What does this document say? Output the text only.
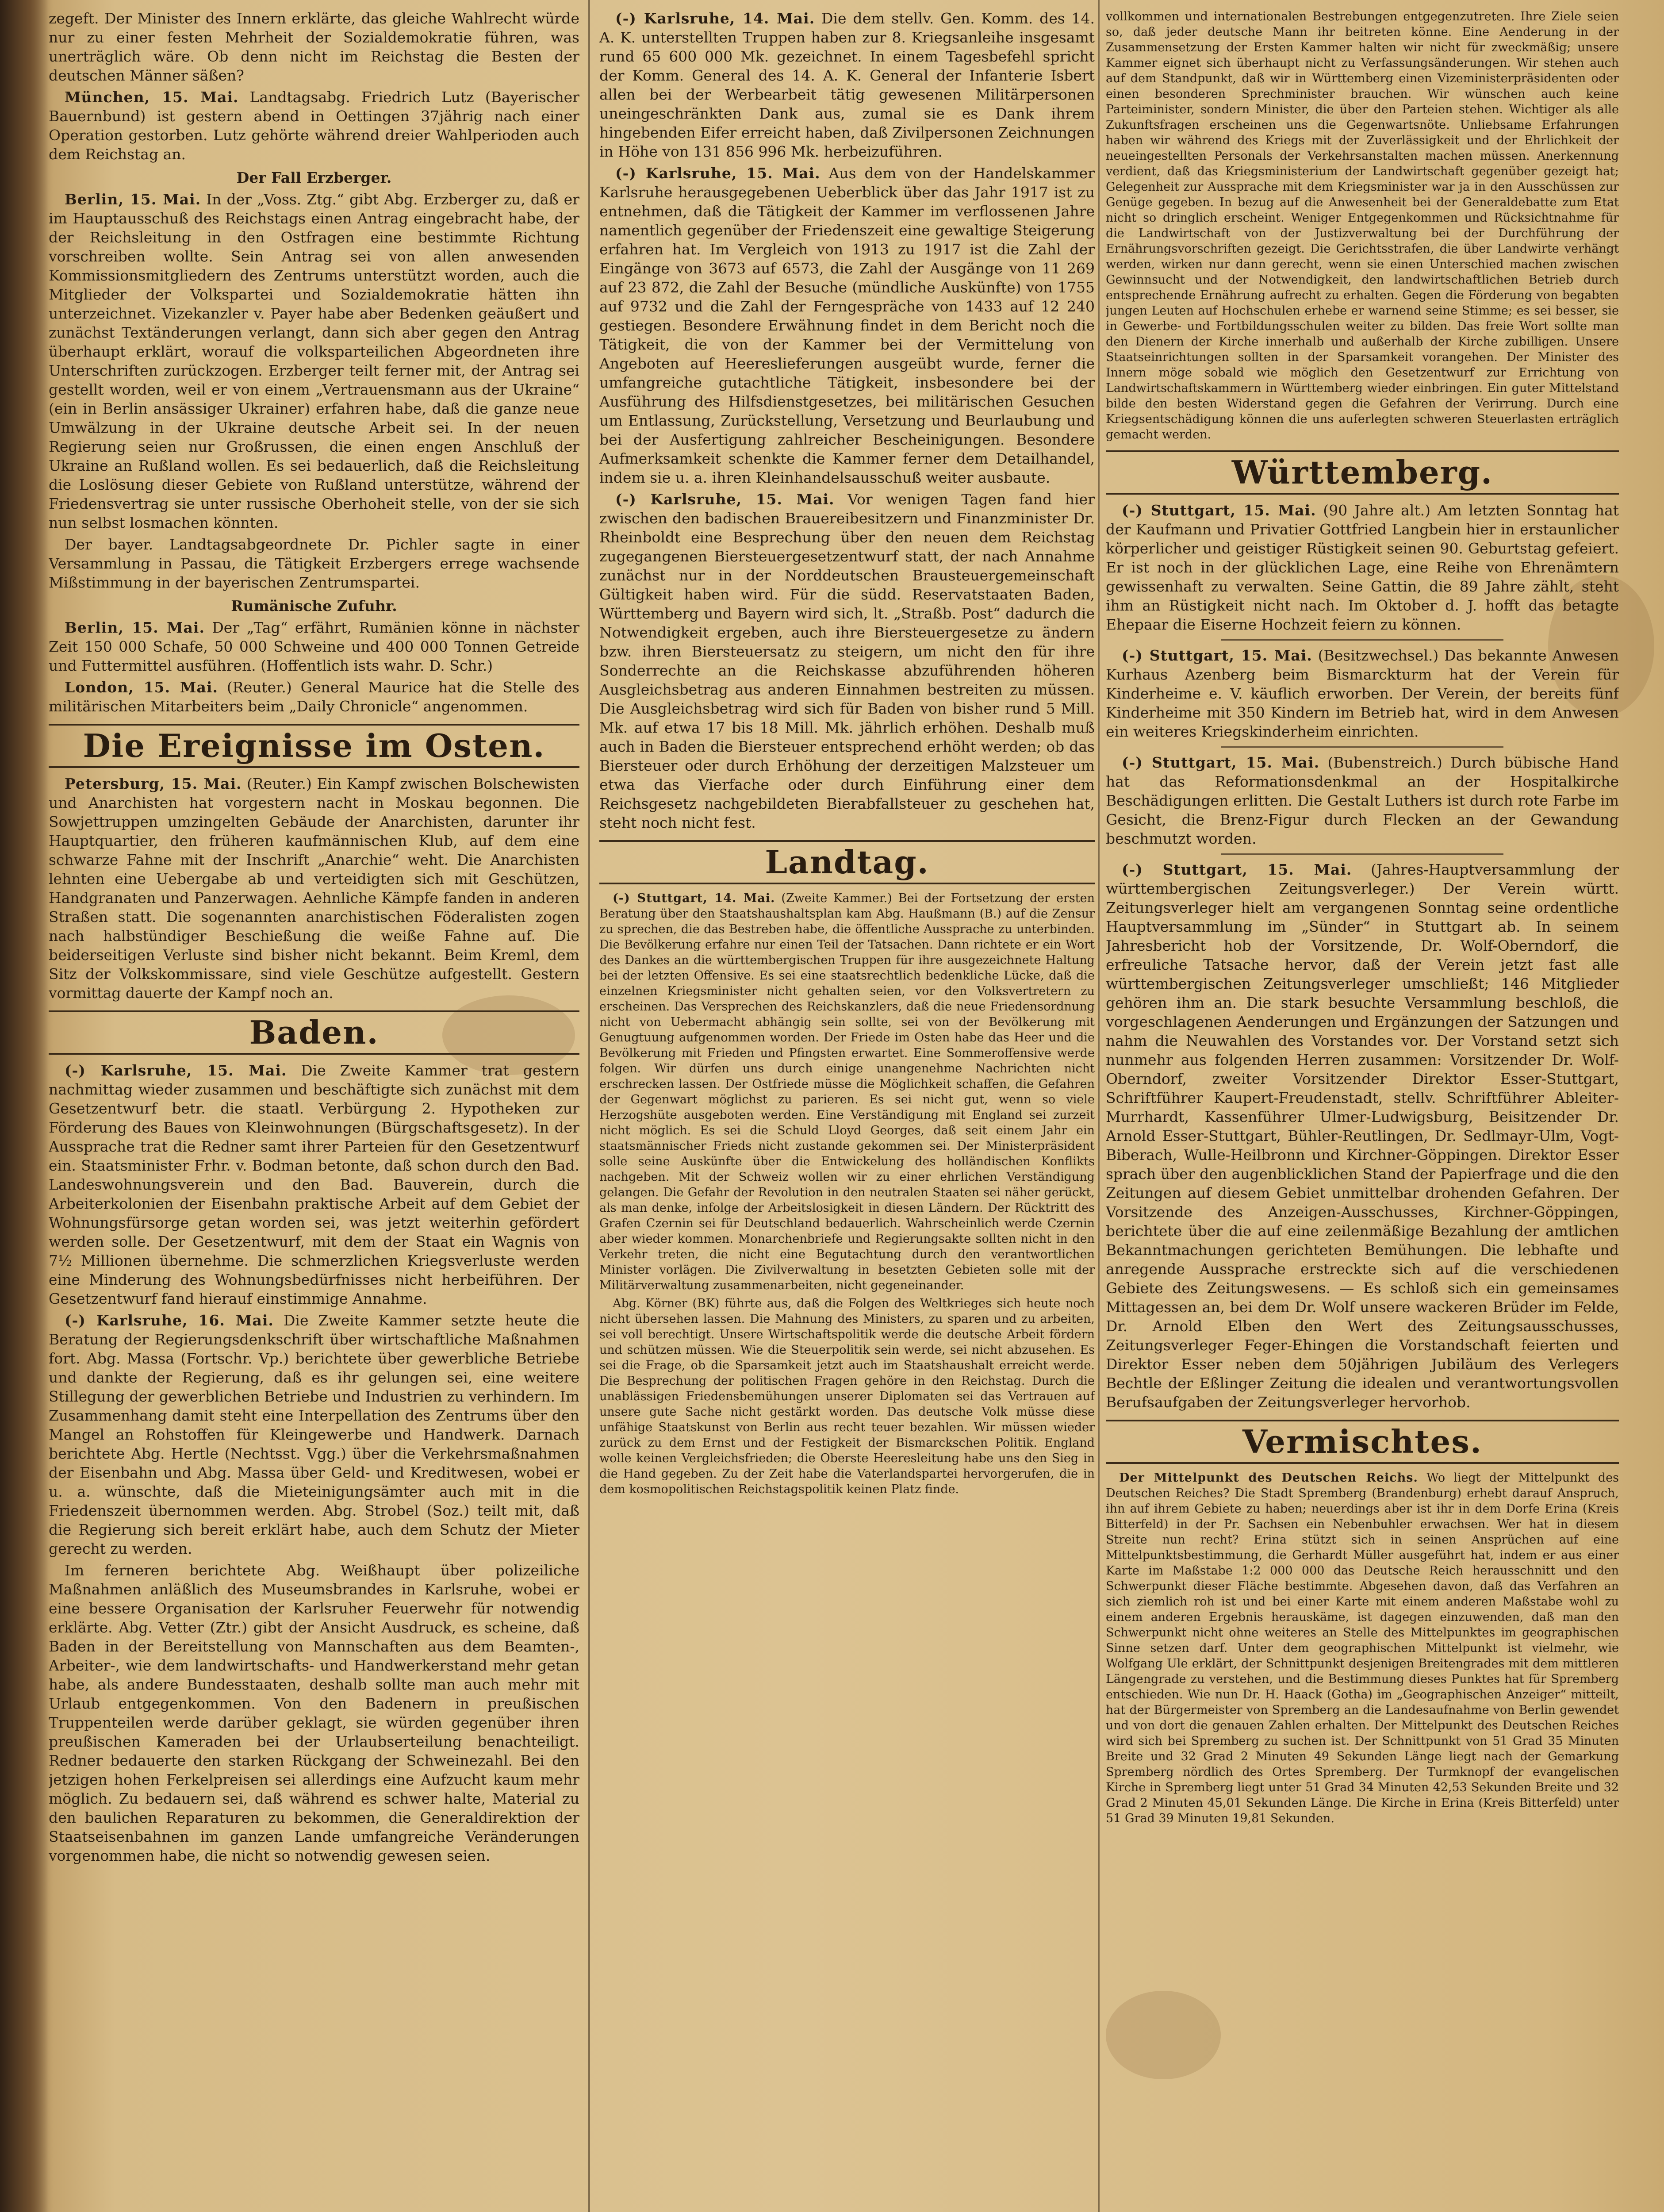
zegeft. Der Minister des Innern erklärte, das gleiche Wahlrecht würde nur zu einer festen Mehrheit der Sozialdemokratie führen, was unerträglich wäre. Ob denn nicht im Reichstag die Besten der deutschen Männer säßen?

München, 15. Mai. Landtagsabg. Friedrich Lutz (Bayerischer Bauernbund) ist gestern abend in Oettingen 37jährig nach einer Operation gestorben. Lutz gehörte während dreier Wahlperioden auch dem Reichstag an.

Der Fall Erzberger.

Berlin, 15. Mai. In der „Voss. Ztg.“ gibt Abg. Erzberger zu, daß er im Hauptausschuß des Reichstags einen Antrag eingebracht habe, der der Reichsleitung in den Ostfragen eine bestimmte Richtung vorschreiben wollte. Sein Antrag sei von allen anwesenden Kommissionsmitgliedern des Zentrums unterstützt worden, auch die Mitglieder der Volkspartei und Sozialdemokratie hätten ihn unterzeichnet. Vizekanzler v. Payer habe aber Bedenken geäußert und zunächst Textänderungen verlangt, dann sich aber gegen den Antrag überhaupt erklärt, worauf die volksparteilichen Abgeordneten ihre Unterschriften zurückzogen. Erzberger teilt ferner mit, der Antrag sei gestellt worden, weil er von einem „Vertrauensmann aus der Ukraine“ (ein in Berlin ansässiger Ukrainer) erfahren habe, daß die ganze neue Umwälzung in der Ukraine deutsche Arbeit sei. In der neuen Regierung seien nur Großrussen, die einen engen Anschluß der Ukraine an Rußland wollen. Es sei bedauerlich, daß die Reichsleitung die Loslösung dieser Gebiete von Rußland unterstütze, während der Friedensvertrag sie unter russische Oberhoheit stelle, von der sie sich nun selbst losmachen könnten.

Der bayer. Landtagsabgeordnete Dr. Pichler sagte in einer Versammlung in Passau, die Tätigkeit Erzbergers errege wachsende Mißstimmung in der bayerischen Zentrumspartei.

Rumänische Zufuhr.

Berlin, 15. Mai. Der „Tag“ erfährt, Rumänien könne in nächster Zeit 150 000 Schafe, 50 000 Schweine und 400 000 Tonnen Getreide und Futtermittel ausführen. (Hoffentlich ists wahr. D. Schr.)

London, 15. Mai. (Reuter.) General Maurice hat die Stelle des militärischen Mitarbeiters beim „Daily Chronicle“ angenommen.

Die Ereignisse im Osten.

Petersburg, 15. Mai. (Reuter.) Ein Kampf zwischen Bolschewisten und Anarchisten hat vorgestern nacht in Moskau begonnen. Die Sowjettruppen umzingelten Gebäude der Anarchisten, darunter ihr Hauptquartier, den früheren kaufmännischen Klub, auf dem eine schwarze Fahne mit der Inschrift „Anarchie“ weht. Die Anarchisten lehnten eine Uebergabe ab und verteidigten sich mit Geschützen, Handgranaten und Panzerwagen. Aehnliche Kämpfe fanden in anderen Straßen statt. Die sogenannten anarchistischen Föderalisten zogen nach halbstündiger Beschießung die weiße Fahne auf. Die beiderseitigen Verluste sind bisher nicht bekannt. Beim Kreml, dem Sitz der Volkskommissare, sind viele Geschütze aufgestellt. Gestern vormittag dauerte der Kampf noch an.

Baden.

(-) Karlsruhe, 15. Mai. Die Zweite Kammer trat gestern nachmittag wieder zusammen und beschäftigte sich zunächst mit dem Gesetzentwurf betr. die staatl. Verbürgung 2. Hypotheken zur Förderung des Baues von Kleinwohnungen (Bürgschaftsgesetz). In der Aussprache trat die Redner samt ihrer Parteien für den Gesetzentwurf ein. Staatsminister Frhr. v. Bodman betonte, daß schon durch den Bad. Landeswohnungsverein und den Bad. Bauverein, durch die Arbeiterkolonien der Eisenbahn praktische Arbeit auf dem Gebiet der Wohnungsfürsorge getan worden sei, was jetzt weiterhin gefördert werden solle. Der Gesetzentwurf, mit dem der Staat ein Wagnis von 7½ Millionen übernehme. Die schmerzlichen Kriegsverluste werden eine Minderung des Wohnungsbedürfnisses nicht herbeiführen. Der Gesetzentwurf fand hierauf einstimmige Annahme.

(-) Karlsruhe, 16. Mai. Die Zweite Kammer setzte heute die Beratung der Regierungsdenkschrift über wirtschaftliche Maßnahmen fort. Abg. Massa (Fortschr. Vp.) berichtete über gewerbliche Betriebe und dankte der Regierung, daß es ihr gelungen sei, eine weitere Stillegung der gewerblichen Betriebe und Industrien zu verhindern. Im Zusammenhang damit steht eine Interpellation des Zentrums über den Mangel an Rohstoffen für Kleingewerbe und Handwerk. Darnach berichtete Abg. Hertle (Nechtsst. Vgg.) über die Verkehrsmaßnahmen der Eisenbahn und Abg. Massa über Geld- und Kreditwesen, wobei er u. a. wünschte, daß die Mieteinigungsämter auch mit in die Friedenszeit übernommen werden. Abg. Strobel (Soz.) teilt mit, daß die Regierung sich bereit erklärt habe, auch dem Schutz der Mieter gerecht zu werden.

Im ferneren berichtete Abg. Weißhaupt über polizeiliche Maßnahmen anläßlich des Museumsbrandes in Karlsruhe, wobei er eine bessere Organisation der Karlsruher Feuerwehr für notwendig erklärte. Abg. Vetter (Ztr.) gibt der Ansicht Ausdruck, es scheine, daß Baden in der Bereitstellung von Mannschaften aus dem Beamten-, Arbeiter-, wie dem landwirtschafts- und Handwerkerstand mehr getan habe, als andere Bundesstaaten, deshalb sollte man auch mehr mit Urlaub entgegenkommen. Von den Badenern in preußischen Truppenteilen werde darüber geklagt, sie würden gegenüber ihren preußischen Kameraden bei der Urlaubserteilung benachteiligt. Redner bedauerte den starken Rückgang der Schweinezahl. Bei den jetzigen hohen Ferkelpreisen sei allerdings eine Aufzucht kaum mehr möglich. Zu bedauern sei, daß während es schwer halte, Material zu den baulichen Reparaturen zu bekommen, die Generaldirektion der Staatseisenbahnen im ganzen Lande umfangreiche Veränderungen vorgenommen habe, die nicht so notwendig gewesen seien.

(-) Karlsruhe, 14. Mai. Die dem stellv. Gen. Komm. des 14. A. K. unterstellten Truppen haben zur 8. Kriegsanleihe insgesamt rund 65 600 000 Mk. gezeichnet. In einem Tagesbefehl spricht der Komm. General des 14. A. K. General der Infanterie Isbert allen bei der Werbearbeit tätig gewesenen Militärpersonen uneingeschränkten Dank aus, zumal sie es Dank ihrem hingebenden Eifer erreicht haben, daß Zivilpersonen Zeichnungen in Höhe von 131 856 996 Mk. herbeizuführen.

(-) Karlsruhe, 15. Mai. Aus dem von der Handelskammer Karlsruhe herausgegebenen Ueberblick über das Jahr 1917 ist zu entnehmen, daß die Tätigkeit der Kammer im verflossenen Jahre namentlich gegenüber der Friedenszeit eine gewaltige Steigerung erfahren hat. Im Vergleich von 1913 zu 1917 ist die Zahl der Eingänge von 3673 auf 6573, die Zahl der Ausgänge von 11 269 auf 23 872, die Zahl der Besuche (mündliche Auskünfte) von 1755 auf 9732 und die Zahl der Ferngespräche von 1433 auf 12 240 gestiegen. Besondere Erwähnung findet in dem Bericht noch die Tätigkeit, die von der Kammer bei der Vermittelung von Angeboten auf Heereslieferungen ausgeübt wurde, ferner die umfangreiche gutachtliche Tätigkeit, insbesondere bei der Ausführung des Hilfsdienstgesetzes, bei militärischen Gesuchen um Entlassung, Zurückstellung, Versetzung und Beurlaubung und bei der Ausfertigung zahlreicher Bescheinigungen. Besondere Aufmerksamkeit schenkte die Kammer ferner dem Detailhandel, indem sie u. a. ihren Kleinhandelsausschuß weiter ausbaute.

(-) Karlsruhe, 15. Mai. Vor wenigen Tagen fand hier zwischen den badischen Brauereibesitzern und Finanzminister Dr. Rheinboldt eine Besprechung über den neuen dem Reichstag zugegangenen Biersteuergesetzentwurf statt, der nach Annahme zunächst nur in der Norddeutschen Brausteuergemeinschaft Gültigkeit haben wird. Für die südd. Reservatstaaten Baden, Württemberg und Bayern wird sich, lt. „Straßb. Post“ dadurch die Notwendigkeit ergeben, auch ihre Biersteuergesetze zu ändern bzw. ihren Biersteuersatz zu steigern, um nicht den für ihre Sonderrechte an die Reichskasse abzuführenden höheren Ausgleichsbetrag aus anderen Einnahmen bestreiten zu müssen. Die Ausgleichsbetrag wird sich für Baden von bisher rund 5 Mill. Mk. auf etwa 17 bis 18 Mill. Mk. jährlich erhöhen. Deshalb muß auch in Baden die Biersteuer entsprechend erhöht werden; ob das Biersteuer oder durch Erhöhung der derzeitigen Malzsteuer um etwa das Vierfache oder durch Einführung einer dem Reichsgesetz nachgebildeten Bierabfallsteuer zu geschehen hat, steht noch nicht fest.

Landtag.

(-) Stuttgart, 14. Mai. (Zweite Kammer.) Bei der Fortsetzung der ersten Beratung über den Staatshaushaltsplan kam Abg. Haußmann (B.) auf die Zensur zu sprechen, die das Bestreben habe, die öffentliche Aussprache zu unterbinden. Die Bevölkerung erfahre nur einen Teil der Tatsachen. Dann richtete er ein Wort des Dankes an die württembergischen Truppen für ihre ausgezeichnete Haltung bei der letzten Offensive. Es sei eine staatsrechtlich bedenkliche Lücke, daß die einzelnen Kriegsminister nicht gehalten seien, vor den Volksvertretern zu erscheinen. Das Versprechen des Reichskanzlers, daß die neue Friedensordnung nicht von Uebermacht abhängig sein sollte, sei von der Bevölkerung mit Genugtuung aufgenommen worden. Der Friede im Osten habe das Heer und die Bevölkerung mit Frieden und Pfingsten erwartet. Eine Sommeroffensive werde folgen. Wir dürfen uns durch einige unangenehme Nachrichten nicht erschrecken lassen. Der Ostfriede müsse die Möglichkeit schaffen, die Gefahren der Gegenwart möglichst zu parieren. Es sei nicht gut, wenn so viele Herzogshüte ausgeboten werden. Eine Verständigung mit England sei zurzeit nicht möglich. Es sei die Schuld Lloyd Georges, daß seit einem Jahr ein staatsmännischer Frieds nicht zustande gekommen sei. Der Ministerpräsident solle seine Auskünfte über die Entwickelung des holländischen Konflikts nachgeben. Mit der Schweiz wollen wir zu einer ehrlichen Verständigung gelangen. Die Gefahr der Revolution in den neutralen Staaten sei näher gerückt, als man denke, infolge der Arbeitslosigkeit in diesen Ländern. Der Rücktritt des Grafen Czernin sei für Deutschland bedauerlich. Wahrscheinlich werde Czernin aber wieder kommen. Monarchenbriefe und Regierungsakte sollten nicht in den Verkehr treten, die nicht eine Begutachtung durch den verantwortlichen Minister vorlägen. Die Zivilverwaltung in besetzten Gebieten solle mit der Militärverwaltung zusammenarbeiten, nicht gegeneinander.

Abg. Körner (BK) führte aus, daß die Folgen des Weltkrieges sich heute noch nicht übersehen lassen. Die Mahnung des Ministers, zu sparen und zu arbeiten, sei voll berechtigt. Unsere Wirtschaftspolitik werde die deutsche Arbeit fördern und schützen müssen. Wie die Steuerpolitik sein werde, sei nicht abzusehen. Es sei die Frage, ob die Sparsamkeit jetzt auch im Staatshaushalt erreicht werde. Die Besprechung der politischen Fragen gehöre in den Reichstag. Durch die unablässigen Friedensbemühungen unserer Diplomaten sei das Vertrauen auf unsere gute Sache nicht gestärkt worden. Das deutsche Volk müsse diese unfähige Staatskunst von Berlin aus recht teuer bezahlen. Wir müssen wieder zurück zu dem Ernst und der Festigkeit der Bismarckschen Politik. England wolle keinen Vergleichsfrieden; die Oberste Heeresleitung habe uns den Sieg in die Hand gegeben. Zu der Zeit habe die Vaterlandspartei hervorgerufen, die in dem kosmopolitischen Reichstagspolitik keinen Platz finde.

vollkommen und internationalen Bestrebungen entgegenzutreten. Ihre Ziele seien so, daß jeder deutsche Mann ihr beitreten könne. Eine Aenderung in der Zusammensetzung der Ersten Kammer halten wir nicht für zweckmäßig; unsere Kammer eignet sich überhaupt nicht zu Verfassungsänderungen. Wir stehen auch auf dem Standpunkt, daß wir in Württemberg einen Vizeministerpräsidenten oder einen besonderen Sprechminister brauchen. Wir wünschen auch keine Parteiminister, sondern Minister, die über den Parteien stehen. Wichtiger als alle Zukunftsfragen erscheinen uns die Gegenwartsnöte. Unliebsame Erfahrungen haben wir während des Kriegs mit der Zuverlässigkeit und der Ehrlichkeit der neueingestellten Personals der Verkehrsanstalten machen müssen. Anerkennung verdient, daß das Kriegsministerium der Landwirtschaft gegenüber gezeigt hat; Gelegenheit zur Aussprache mit dem Kriegsminister war ja in den Ausschüssen zur Genüge gegeben. In bezug auf die Anwesenheit bei der Generaldebatte zum Etat nicht so dringlich erscheint. Weniger Entgegenkommen und Rücksichtnahme für die Landwirtschaft von der Justizverwaltung bei der Durchführung der Ernährungsvorschriften gezeigt. Die Gerichtsstrafen, die über Landwirte verhängt werden, wirken nur dann gerecht, wenn sie einen Unterschied machen zwischen Gewinnsucht und der Notwendigkeit, den landwirtschaftlichen Betrieb durch entsprechende Ernährung aufrecht zu erhalten. Gegen die Förderung von begabten jungen Leuten auf Hochschulen erhebe er warnend seine Stimme; es sei besser, sie in Gewerbe- und Fortbildungsschulen weiter zu bilden. Das freie Wort sollte man den Dienern der Kirche innerhalb und außerhalb der Kirche zubilligen. Unsere Staatseinrichtungen sollten in der Sparsamkeit vorangehen. Der Minister des Innern möge sobald wie möglich den Gesetzentwurf zur Errichtung von Landwirtschaftskammern in Württemberg wieder einbringen. Ein guter Mittelstand bilde den besten Widerstand gegen die Gefahren der Verirrung. Durch eine Kriegsentschädigung können die uns auferlegten schweren Steuerlasten erträglich gemacht werden.

Württemberg.

(-) Stuttgart, 15. Mai. (90 Jahre alt.) Am letzten Sonntag hat der Kaufmann und Privatier Gottfried Langbein hier in erstaunlicher körperlicher und geistiger Rüstigkeit seinen 90. Geburtstag gefeiert. Er ist noch in der glücklichen Lage, eine Reihe von Ehrenämtern gewissenhaft zu verwalten. Seine Gattin, die 89 Jahre zählt, steht ihm an Rüstigkeit nicht nach. Im Oktober d. J. hofft das betagte Ehepaar die Eiserne Hochzeit feiern zu können.

(-) Stuttgart, 15. Mai. (Besitzwechsel.) Das bekannte Anwesen Kurhaus Azenberg beim Bismarckturm hat der Verein für Kinderheime e. V. käuflich erworben. Der Verein, der bereits fünf Kinderheime mit 350 Kindern im Betrieb hat, wird in dem Anwesen ein weiteres Kriegskinderheim einrichten.

(-) Stuttgart, 15. Mai. (Bubenstreich.) Durch bübische Hand hat das Reformationsdenkmal an der Hospitalkirche Beschädigungen erlitten. Die Gestalt Luthers ist durch rote Farbe im Gesicht, die Brenz-Figur durch Flecken an der Gewandung beschmutzt worden.

(-) Stuttgart, 15. Mai. (Jahres-Hauptversammlung der württembergischen Zeitungsverleger.) Der Verein württ. Zeitungsverleger hielt am vergangenen Sonntag seine ordentliche Hauptversammlung im „Sünder“ in Stuttgart ab. In seinem Jahresbericht hob der Vorsitzende, Dr. Wolf-Oberndorf, die erfreuliche Tatsache hervor, daß der Verein jetzt fast alle württembergischen Zeitungsverleger umschließt; 146 Mitglieder gehören ihm an. Die stark besuchte Versammlung beschloß, die vorgeschlagenen Aenderungen und Ergänzungen der Satzungen und nahm die Neuwahlen des Vorstandes vor. Der Vorstand setzt sich nunmehr aus folgenden Herren zusammen: Vorsitzender Dr. Wolf-Oberndorf, zweiter Vorsitzender Direktor Esser-Stuttgart, Schriftführer Kaupert-Freudenstadt, stellv. Schriftführer Ableiter-Murrhardt, Kassenführer Ulmer-Ludwigsburg, Beisitzender Dr. Arnold Esser-Stuttgart, Bühler-Reutlingen, Dr. Sedlmayr-Ulm, Vogt-Biberach, Wulle-Heilbronn und Kirchner-Göppingen. Direktor Esser sprach über den augenblicklichen Stand der Papierfrage und die den Zeitungen auf diesem Gebiet unmittelbar drohenden Gefahren. Der Vorsitzende des Anzeigen-Ausschusses, Kirchner-Göppingen, berichtete über die auf eine zeilenmäßige Bezahlung der amtlichen Bekanntmachungen gerichteten Bemühungen. Die lebhafte und anregende Aussprache erstreckte sich auf die verschiedenen Gebiete des Zeitungswesens. — Es schloß sich ein gemeinsames Mittagessen an, bei dem Dr. Wolf unsere wackeren Brüder im Felde, Dr. Arnold Elben den Wert des Zeitungsausschusses, Zeitungsverleger Feger-Ehingen die Vorstandschaft feierten und Direktor Esser neben dem 50jährigen Jubiläum des Verlegers Bechtle der Eßlinger Zeitung die idealen und verantwortungsvollen Berufsaufgaben der Zeitungsverleger hervorhob.

Vermischtes.

Der Mittelpunkt des Deutschen Reichs. Wo liegt der Mittelpunkt des Deutschen Reiches? Die Stadt Spremberg (Brandenburg) erhebt darauf Anspruch, ihn auf ihrem Gebiete zu haben; neuerdings aber ist ihr in dem Dorfe Erina (Kreis Bitterfeld) in der Pr. Sachsen ein Nebenbuhler erwachsen. Wer hat in diesem Streite nun recht? Erina stützt sich in seinen Ansprüchen auf eine Mittelpunktsbestimmung, die Gerhardt Müller ausgeführt hat, indem er aus einer Karte im Maßstabe 1:2 000 000 das Deutsche Reich herausschnitt und den Schwerpunkt dieser Fläche bestimmte. Abgesehen davon, daß das Verfahren an sich ziemlich roh ist und bei einer Karte mit einem anderen Maßstabe wohl zu einem anderen Ergebnis herauskäme, ist dagegen einzuwenden, daß man den Schwerpunkt nicht ohne weiteres an Stelle des Mittelpunktes im geographischen Sinne setzen darf. Unter dem geographischen Mittelpunkt ist vielmehr, wie Wolfgang Ule erklärt, der Schnittpunkt desjenigen Breitengrades mit dem mittleren Längengrade zu verstehen, und die Bestimmung dieses Punktes hat für Spremberg entschieden. Wie nun Dr. H. Haack (Gotha) im „Geographischen Anzeiger“ mitteilt, hat der Bürgermeister von Spremberg an die Landesaufnahme von Berlin gewendet und von dort die genauen Zahlen erhalten. Der Mittelpunkt des Deutschen Reiches wird sich bei Spremberg zu suchen ist. Der Schnittpunkt von 51 Grad 35 Minuten Breite und 32 Grad 2 Minuten 49 Sekunden Länge liegt nach der Gemarkung Spremberg nördlich des Ortes Spremberg. Der Turmknopf der evangelischen Kirche in Spremberg liegt unter 51 Grad 34 Minuten 42,53 Sekunden Breite und 32 Grad 2 Minuten 45,01 Sekunden Länge. Die Kirche in Erina (Kreis Bitterfeld) unter 51 Grad 39 Minuten 19,81 Sekunden.
